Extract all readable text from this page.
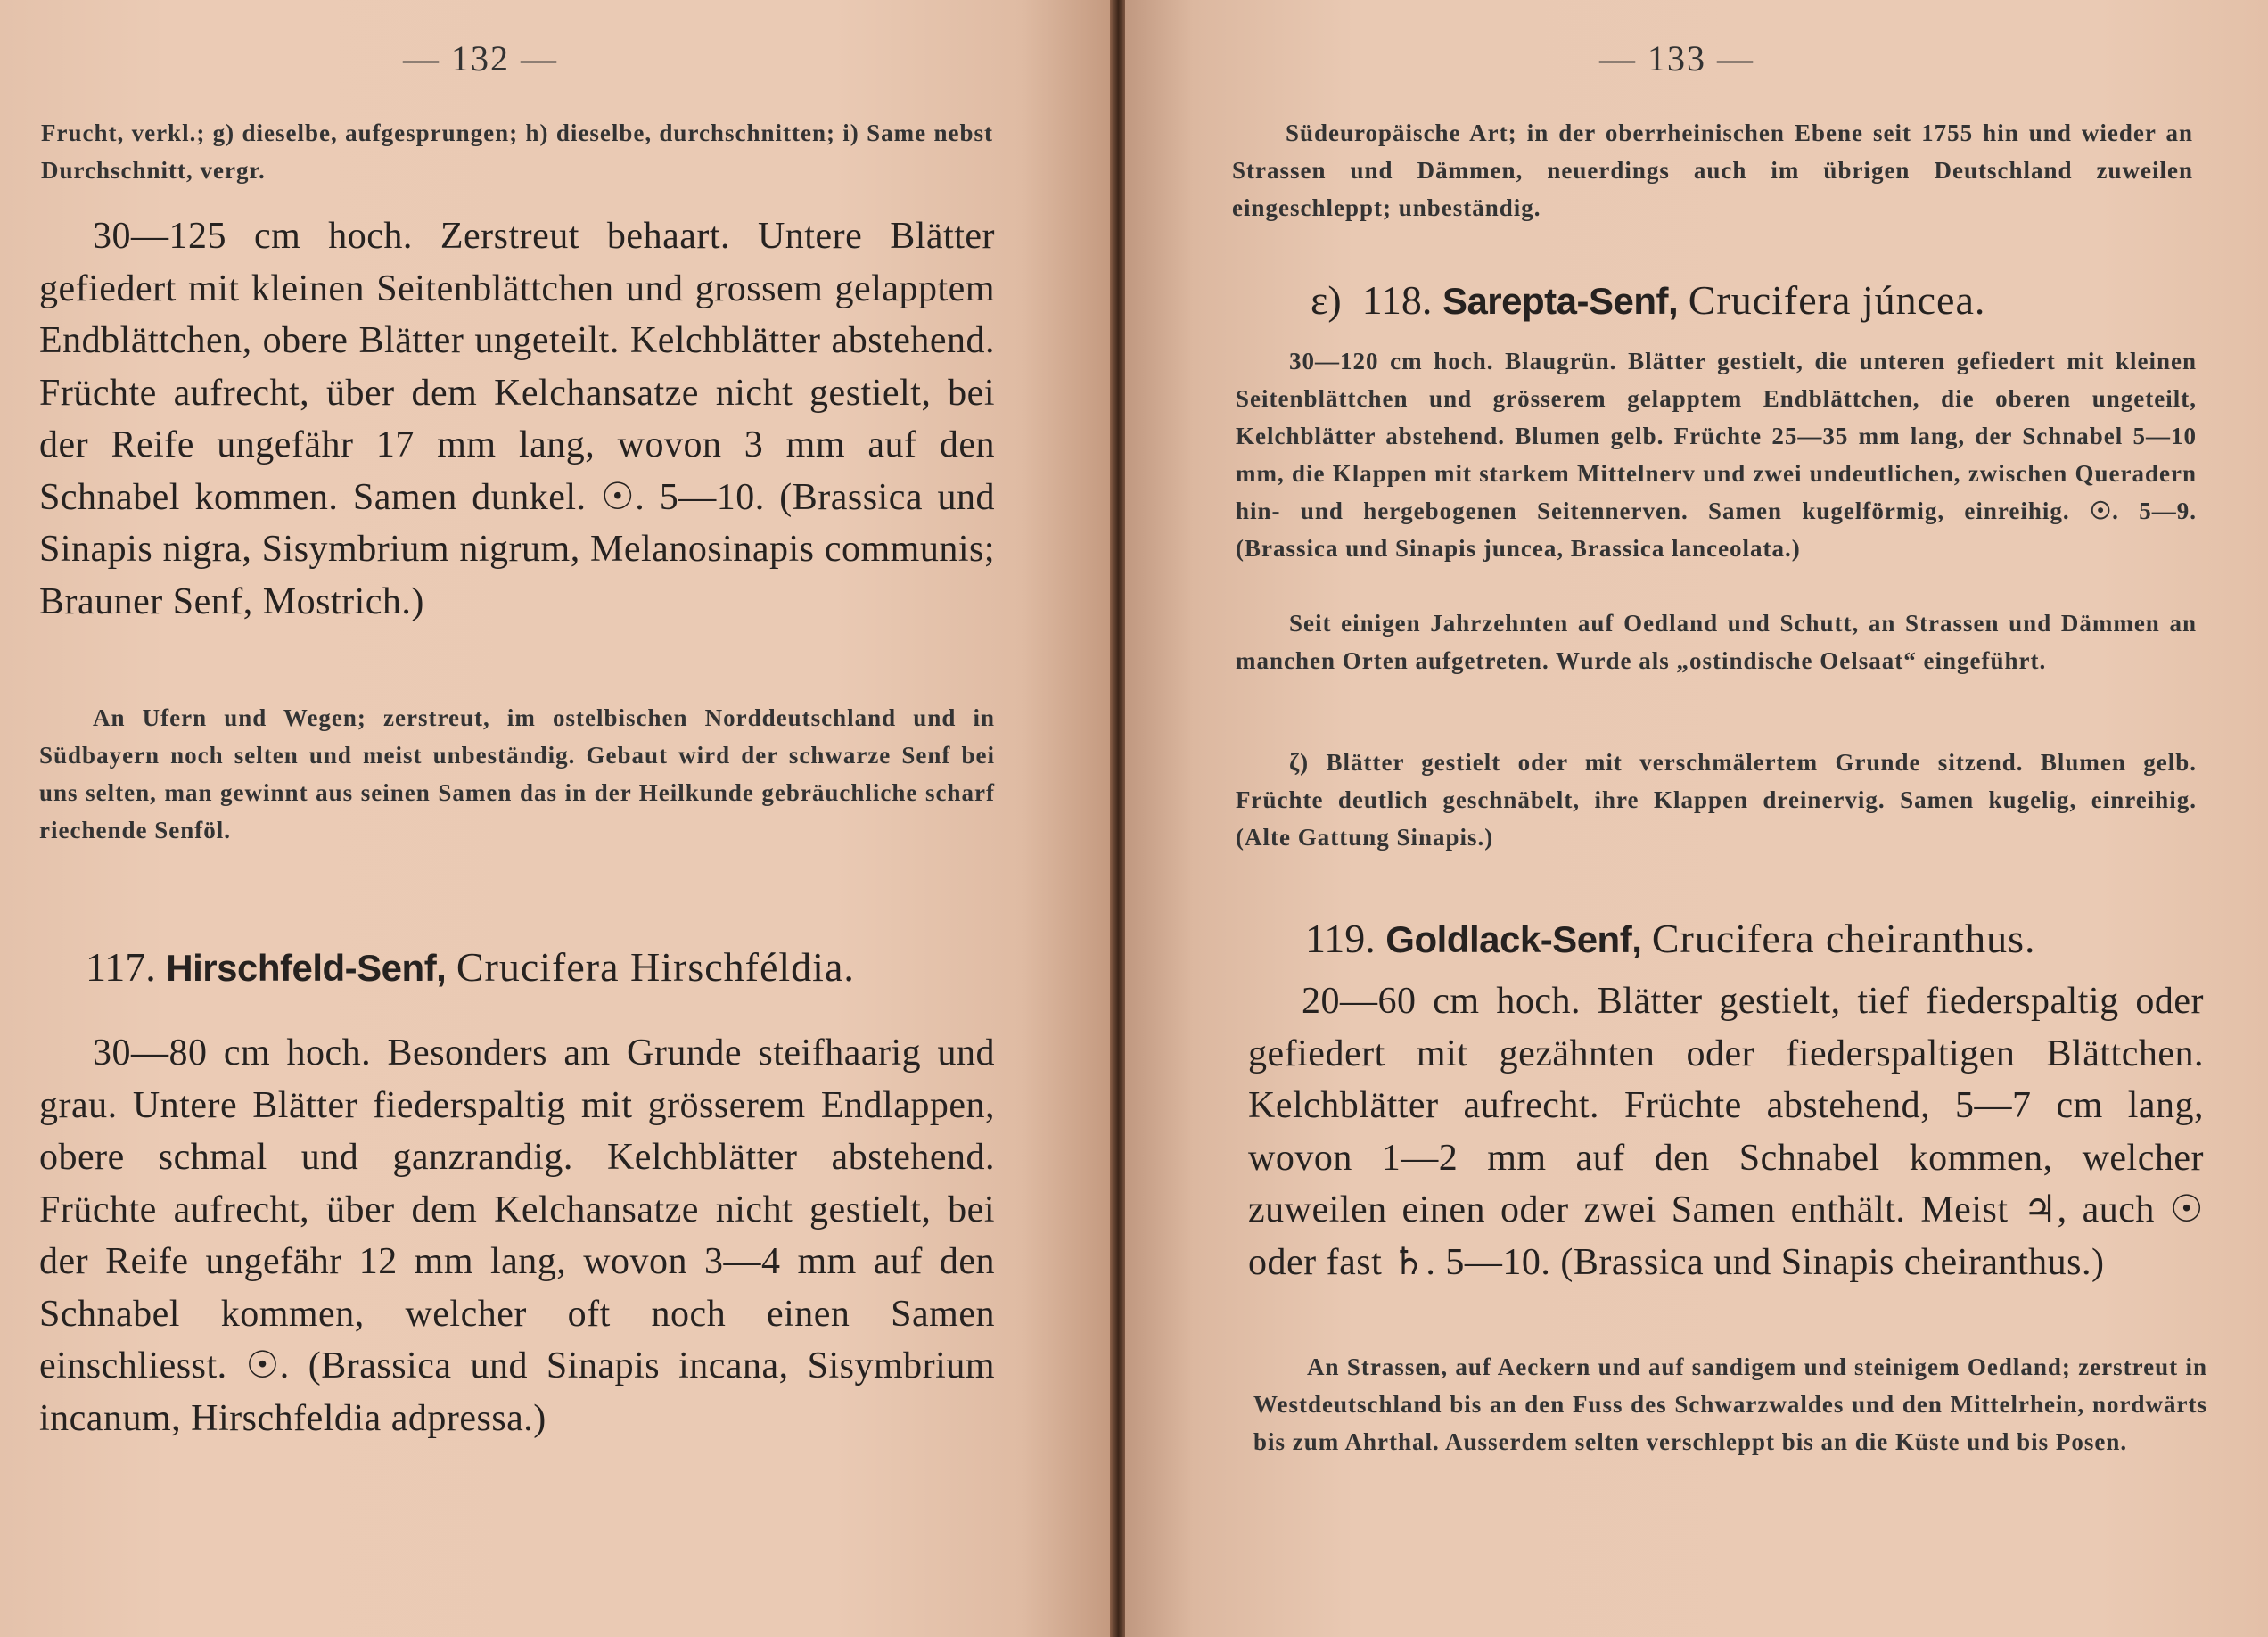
— 132 —

Frucht, verkl.; g) dieselbe, aufgesprungen; h) dieselbe, durchschnitten; i) Same nebst Durchschnitt, vergr.

30—125 cm hoch. Zerstreut behaart. Untere Blätter gefiedert mit kleinen Seitenblättchen und grossem gelapptem Endblättchen, obere Blätter ungeteilt. Kelchblätter abstehend. Früchte aufrecht, über dem Kelchansatze nicht gestielt, bei der Reife ungefähr 17 mm lang, wovon 3 mm auf den Schnabel kommen. Samen dunkel. ☉. 5—10. (Brassica und Sinapis nigra, Sisymbrium nigrum, Melanosinapis communis; Brauner Senf, Mostrich.)

An Ufern und Wegen; zerstreut, im ostelbischen Norddeutschland und in Südbayern noch selten und meist unbeständig. Gebaut wird der schwarze Senf bei uns selten, man gewinnt aus seinen Samen das in der Heilkunde gebräuchliche scharf riechende Senföl.

117. Hirschfeld-Senf, Crucifera Hirschféldia.

30—80 cm hoch. Besonders am Grunde steifhaarig und grau. Untere Blätter fiederspaltig mit grösserem Endlappen, obere schmal und ganzrandig. Kelchblätter abstehend. Früchte aufrecht, über dem Kelchansatze nicht gestielt, bei der Reife ungefähr 12 mm lang, wovon 3—4 mm auf den Schnabel kommen, welcher oft noch einen Samen einschliesst. ☉. (Brassica und Sinapis incana, Sisymbrium incanum, Hirschfeldia adpressa.)

— 133 —

Südeuropäische Art; in der oberrheinischen Ebene seit 1755 hin und wieder an Strassen und Dämmen, neuerdings auch im übrigen Deutschland zuweilen eingeschleppt; unbeständig.

ε) 118. Sarepta-Senf, Crucifera júncea.

30—120 cm hoch. Blaugrün. Blätter gestielt, die unteren gefiedert mit kleinen Seitenblättchen und grösserem gelapptem Endblättchen, die oberen ungeteilt, Kelchblätter abstehend. Blumen gelb. Früchte 25—35 mm lang, der Schnabel 5—10 mm, die Klappen mit starkem Mittelnerv und zwei undeutlichen, zwischen Queradern hin- und hergebogenen Seitennerven. Samen kugelförmig, einreihig. ☉. 5—9. (Brassica und Sinapis juncea, Brassica lanceolata.)

Seit einigen Jahrzehnten auf Oedland und Schutt, an Strassen und Dämmen an manchen Orten aufgetreten. Wurde als „ostindische Oelsaat“ eingeführt.

ζ) Blätter gestielt oder mit verschmälertem Grunde sitzend. Blumen gelb. Früchte deutlich geschnäbelt, ihre Klappen dreinervig. Samen kugelig, einreihig. (Alte Gattung Sinapis.)

119. Goldlack-Senf, Crucifera cheiranthus.

20—60 cm hoch. Blätter gestielt, tief fiederspaltig oder gefiedert mit gezähnten oder fiederspaltigen Blättchen. Kelchblätter aufrecht. Früchte abstehend, 5—7 cm lang, wovon 1—2 mm auf den Schnabel kommen, welcher zuweilen einen oder zwei Samen enthält. Meist ♃, auch ☉ oder fast ♄. 5—10. (Brassica und Sinapis cheiranthus.)

An Strassen, auf Aeckern und auf sandigem und steinigem Oedland; zerstreut in Westdeutschland bis an den Fuss des Schwarzwaldes und den Mittelrhein, nordwärts bis zum Ahrthal. Ausserdem selten verschleppt bis an die Küste und bis Posen.
